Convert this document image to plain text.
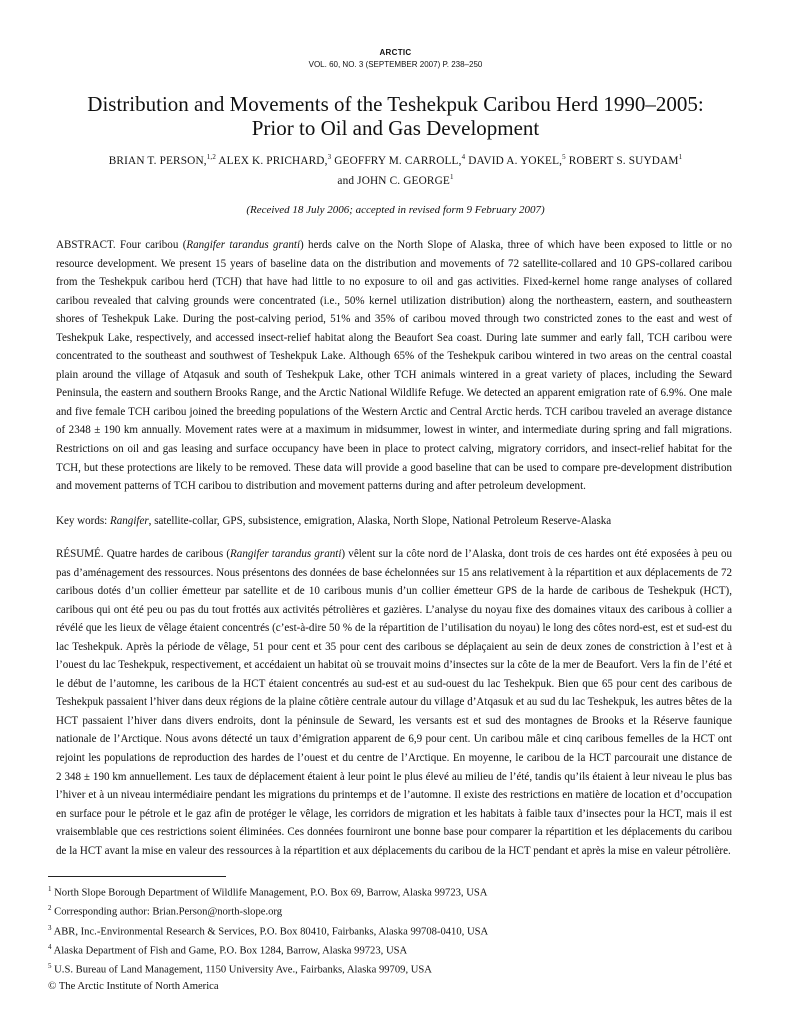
ARCTIC
VOL. 60, NO. 3 (SEPTEMBER 2007) P. 238–250
Distribution and Movements of the Teshekpuk Caribou Herd 1990–2005:
Prior to Oil and Gas Development
BRIAN T. PERSON,$^{1,2}$ ALEX K. PRICHARD,$^3$ GEOFFRY M. CARROLL,$^4$ DAVID A. YOKEL,$^5$ ROBERT S. SUYDAM$^1$
and JOHN C. GEORGE$^1$
(Received 18 July 2006; accepted in revised form 9 February 2007)

ABSTRACT. Four caribou (Rangifer tarandus granti) herds calve on the North Slope of Alaska, three of which have been exposed to little or no resource development. We present 15 years of baseline data on the distribution and movements of 72 satellite-collared and 10 GPS-collared caribou from the Teshekpuk caribou herd (TCH) that have had little to no exposure to oil and gas activities. Fixed-kernel home range analyses of collared caribou revealed that calving grounds were concentrated (i.e., 50% kernel utilization distribution) along the northeastern, eastern, and southeastern shores of Teshekpuk Lake. During the post-calving period, 51% and 35% of caribou moved through two constricted zones to the east and west of Teshekpuk Lake, respectively, and accessed insect-relief habitat along the Beaufort Sea coast. During late summer and early fall, TCH caribou were concentrated to the southeast and southwest of Teshekpuk Lake. Although 65% of the Teshekpuk caribou wintered in two areas on the central coastal plain around the village of Atqasuk and south of Teshekpuk Lake, other TCH animals wintered in a great variety of places, including the Seward Peninsula, the eastern and southern Brooks Range, and the Arctic National Wildlife Refuge. We detected an apparent emigration rate of 6.9%. One male and five female TCH caribou joined the breeding populations of the Western Arctic and Central Arctic herds. TCH caribou traveled an average distance of 2348 ± 190 km annually. Movement rates were at a maximum in midsummer, lowest in winter, and intermediate during spring and fall migrations. Restrictions on oil and gas leasing and surface occupancy have been in place to protect calving, migratory corridors, and insect-relief habitat for the TCH, but these protections are likely to be removed. These data will provide a good baseline that can be used to compare pre-development distribution and movement patterns of TCH caribou to distribution and movement patterns during and after petroleum development.

Key words: Rangifer, satellite-collar, GPS, subsistence, emigration, Alaska, North Slope, National Petroleum Reserve-Alaska

RÉSUMÉ. Quatre hardes de caribous (Rangifer tarandus granti) vêlent sur la côte nord de l’Alaska, dont trois de ces hardes ont été exposées à peu ou pas d’aménagement des ressources. Nous présentons des données de base échelonnées sur 15 ans relativement à la répartition et aux déplacements de 72 caribous dotés d’un collier émetteur par satellite et de 10 caribous munis d’un collier émetteur GPS de la harde de caribous de Teshekpuk (HCT), caribous qui ont été peu ou pas du tout frottés aux activités pétrolières et gazières. L’analyse du noyau fixe des domaines vitaux des caribous à collier a révélé que les lieux de vêlage étaient concentrés (c’est-à-dire 50 % de la répartition de l’utilisation du noyau) le long des côtes nord-est, est et sud-est du lac Teshekpuk. Après la période de vêlage, 51 pour cent et 35 pour cent des caribous se déplaçaient au sein de deux zones de constriction à l’est et à l’ouest du lac Teshekpuk, respectivement, et accédaient un habitat où se trouvait moins d’insectes sur la côte de la mer de Beaufort. Vers la fin de l’été et le début de l’automne, les caribous de la HCT étaient concentrés au sud-est et au sud-ouest du lac Teshekpuk. Bien que 65 pour cent des caribous de Teshekpuk passaient l’hiver dans deux régions de la plaine côtière centrale autour du village d’Atqasuk et au sud du lac Teshekpuk, les autres bêtes de la HCT passaient l’hiver dans divers endroits, dont la péninsule de Seward, les versants est et sud des montagnes de Brooks et la Réserve faunique nationale de l’Arctique. Nous avons détecté un taux d’émigration apparent de 6,9 pour cent. Un caribou mâle et cinq caribous femelles de la HCT ont rejoint les populations de reproduction des hardes de l’ouest et du centre de l’Arctique. En moyenne, le caribou de la HCT parcourait une distance de 2 348 ± 190 km annuellement. Les taux de déplacement étaient à leur point le plus élevé au milieu de l’été, tandis qu’ils étaient à leur niveau le plus bas l’hiver et à un niveau intermédiaire pendant les migrations du printemps et de l’automne. Il existe des restrictions en matière de location et d’occupation en surface pour le pétrole et le gaz afin de protéger le vêlage, les corridors de migration et les habitats à faible taux d’insectes pour la HCT, mais il est vraisemblable que ces restrictions soient éliminées. Ces données fourniront une bonne base pour comparer la répartition et les déplacements du caribou de la HCT avant la mise en valeur des ressources à la répartition et aux déplacements du caribou de la HCT pendant et après la mise en valeur pétrolière.

$^1$ North Slope Borough Department of Wildlife Management, P.O. Box 69, Barrow, Alaska 99723, USA
$^2$ Corresponding author: Brian.Person@north-slope.org
$^3$ ABR, Inc.-Environmental Research & Services, P.O. Box 80410, Fairbanks, Alaska 99708-0410, USA
$^4$ Alaska Department of Fish and Game, P.O. Box 1284, Barrow, Alaska 99723, USA
$^5$ U.S. Bureau of Land Management, 1150 University Ave., Fairbanks, Alaska 99709, USA
© The Arctic Institute of North America
